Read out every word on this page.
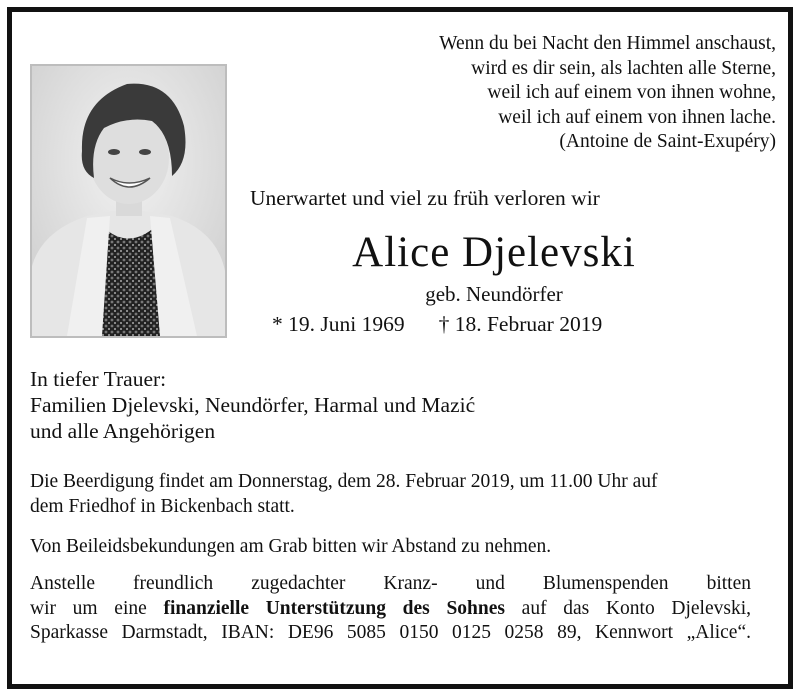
Wenn du bei Nacht den Himmel anschaust,
wird es dir sein, als lachten alle Sterne,
weil ich auf einem von ihnen wohne,
weil ich auf einem von ihnen lache.
(Antoine de Saint-Exupéry)
Unerwartet und viel zu früh verloren wir
Alice Djelevski
geb. Neundörfer
* 19. Juni 1969 † 18. Februar 2019
In tiefer Trauer:
Familien Djelevski, Neundörfer, Harmal und Mazić
und alle Angehörigen
Die Beerdigung findet am Donnerstag, dem 28. Februar 2019, um 11.00 Uhr auf
dem Friedhof in Bickenbach statt.
Von Beileidsbekundungen am Grab bitten wir Abstand zu nehmen.
Anstelle freundlich zugedachter Kranz- und Blumenspenden bitten
wir um eine finanzielle Unterstützung des Sohnes auf das Konto Djelevski,
Sparkasse Darmstadt, IBAN: DE96 5085 0150 0125 0258 89, Kennwort „Alice“.
